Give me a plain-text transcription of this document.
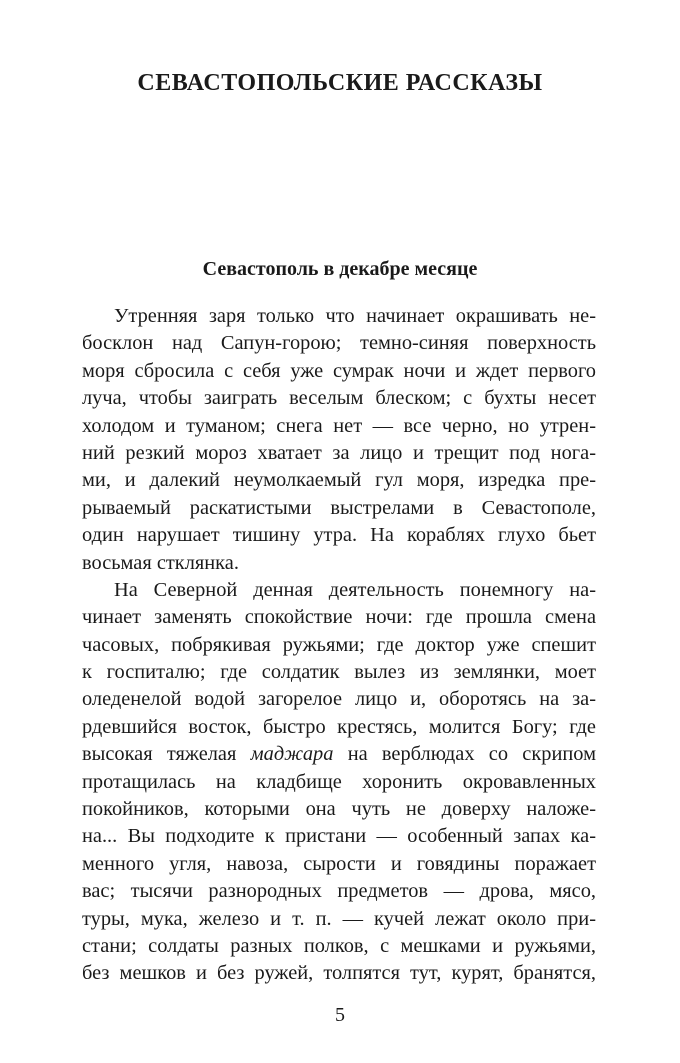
СЕВАСТОПОЛЬСКИЕ РАССКАЗЫ
Севастополь в декабре месяце
Утренняя заря только что начинает окрашивать не-
босклон над Сапун-горою; темно-синяя поверхность
моря сбросила с себя уже сумрак ночи и ждет первого
луча, чтобы заиграть веселым блеском; с бухты несет
холодом и туманом; снега нет — все черно, но утрен-
ний резкий мороз хватает за лицо и трещит под нога-
ми, и далекий неумолкаемый гул моря, изредка пре-
рываемый раскатистыми выстрелами в Севастополе,
один нарушает тишину утра. На кораблях глухо бьет
восьмая стклянка.
На Северной денная деятельность понемногу на-
чинает заменять спокойствие ночи: где прошла смена
часовых, побрякивая ружьями; где доктор уже спешит
к госпиталю; где солдатик вылез из землянки, моет
оледенелой водой загорелое лицо и, оборотясь на за-
рдевшийся восток, быстро крестясь, молится Богу; где
высокая тяжелая маджара на верблюдах со скрипом
протащилась на кладбище хоронить окровавленных
покойников, которыми она чуть не доверху наложе-
на... Вы подходите к пристани — особенный запах ка-
менного угля, навоза, сырости и говядины поражает
вас; тысячи разнородных предметов — дрова, мясо,
туры, мука, железо и т. п. — кучей лежат около при-
стани; солдаты разных полков, с мешками и ружьями,
без мешков и без ружей, толпятся тут, курят, бранятся,
5
